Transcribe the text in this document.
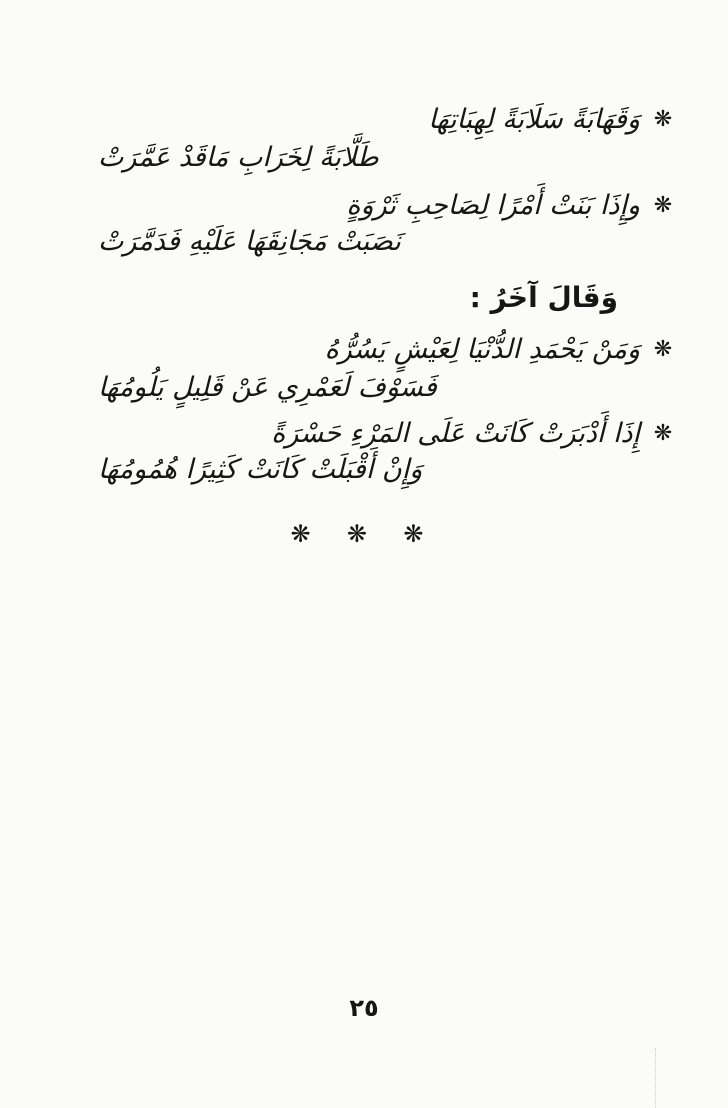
❋
وَقَهَابَةً سَلَابَةً لِهِبَاتِهَا
طَلَّابَةً لِخَرَابِ مَاقَدْ عَمَّرَتْ
❋
وإِذَا بَنَتْ أَمْرًا لِصَاحِبِ ثَرْوَةٍ
نَصَبَتْ مَجَانِقَهَا عَلَيْهِ فَدَمَّرَتْ
وَقَالَ آخَرُ :
❋
وَمَنْ يَحْمَدِ الدُّنْيَا لِعَيْشٍ يَسُرُّهُ
فَسَوْفَ لَعَمْرِي عَنْ قَلِيلٍ يَلُومُهَا
❋
إِذَا أَدْبَرَتْ كَانَتْ عَلَى المَرْءِ حَسْرَةً
وَإِنْ أَقْبَلَتْ كَانَتْ كَثِيرًا هُمُومُهَا
❋ ❋ ❋
٢٥
